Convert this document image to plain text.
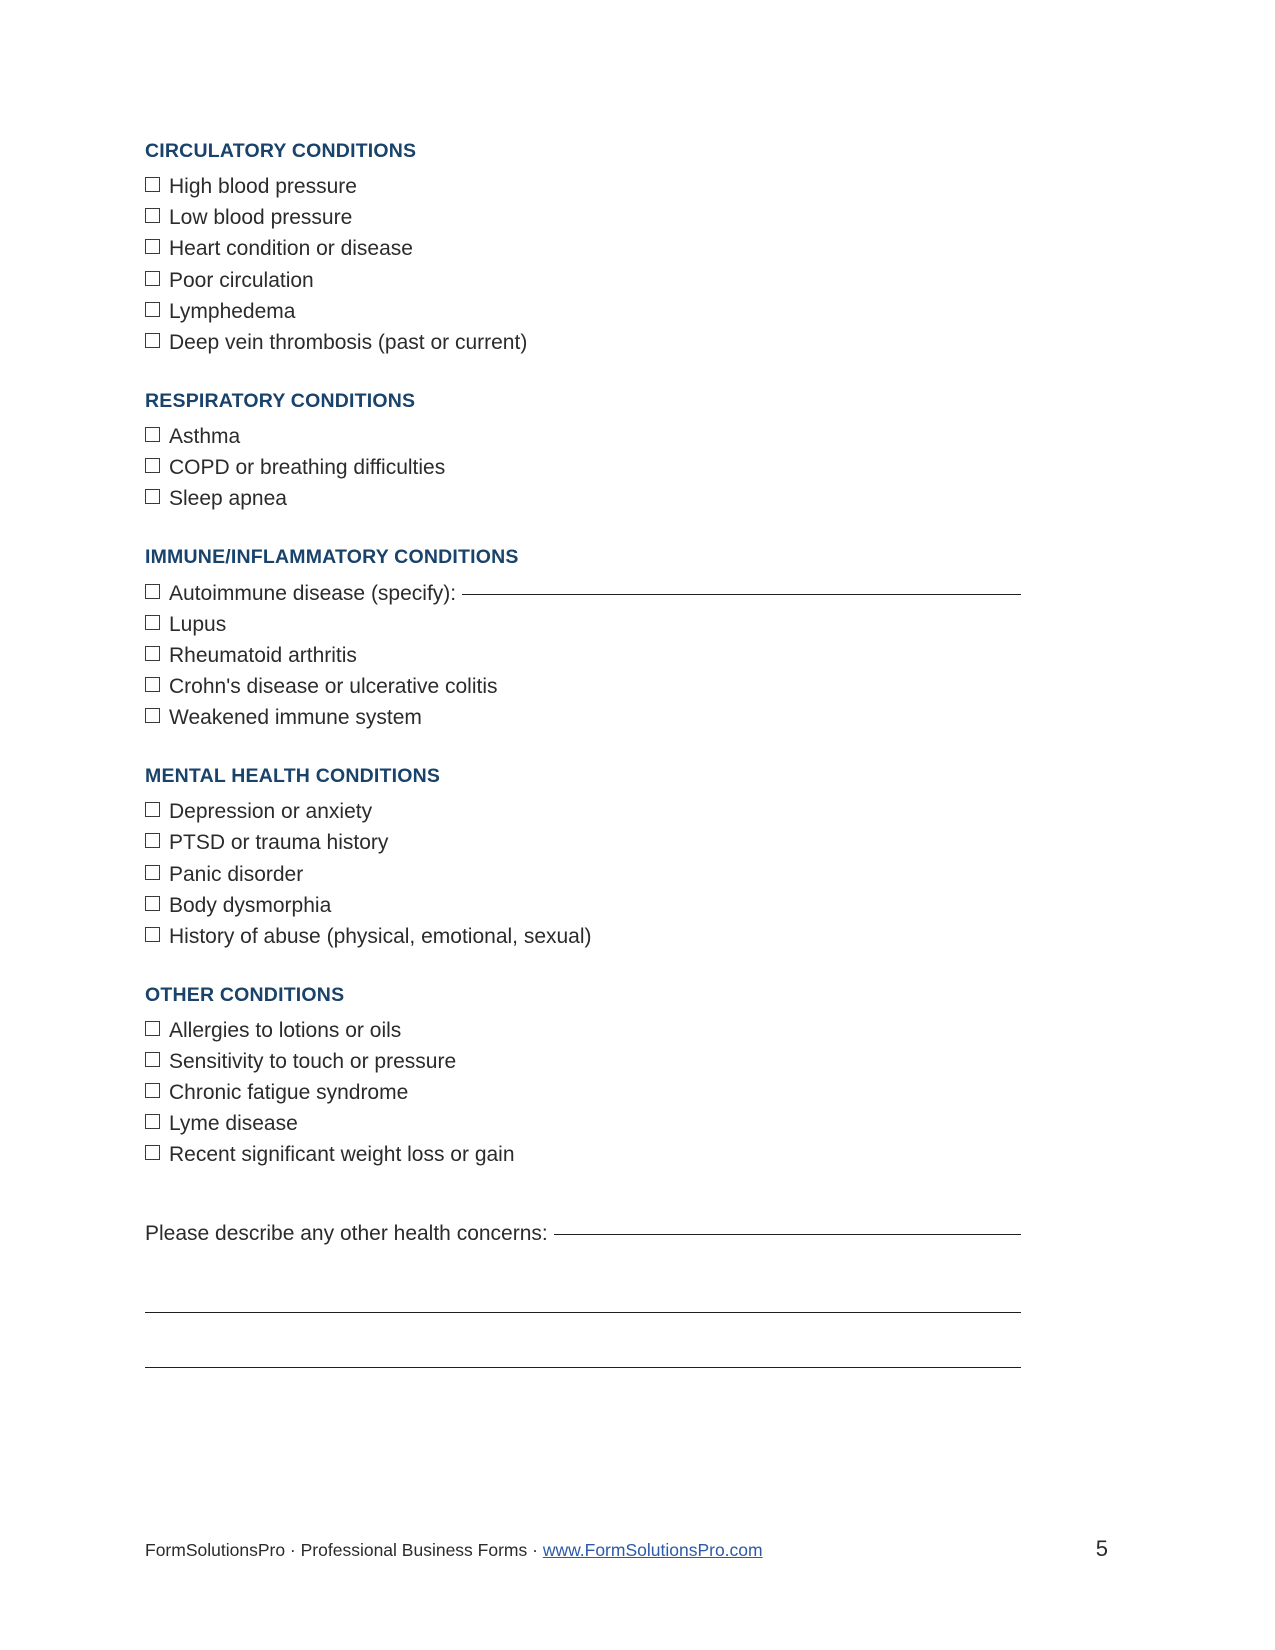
CIRCULATORY CONDITIONS
High blood pressure
Low blood pressure
Heart condition or disease
Poor circulation
Lymphedema
Deep vein thrombosis (past or current)
RESPIRATORY CONDITIONS
Asthma
COPD or breathing difficulties
Sleep apnea
IMMUNE/INFLAMMATORY CONDITIONS
Autoimmune disease (specify):
Lupus
Rheumatoid arthritis
Crohn's disease or ulcerative colitis
Weakened immune system
MENTAL HEALTH CONDITIONS
Depression or anxiety
PTSD or trauma history
Panic disorder
Body dysmorphia
History of abuse (physical, emotional, sexual)
OTHER CONDITIONS
Allergies to lotions or oils
Sensitivity to touch or pressure
Chronic fatigue syndrome
Lyme disease
Recent significant weight loss or gain
Please describe any other health concerns:
FormSolutionsPro · Professional Business Forms · www.FormSolutionsPro.com	5
